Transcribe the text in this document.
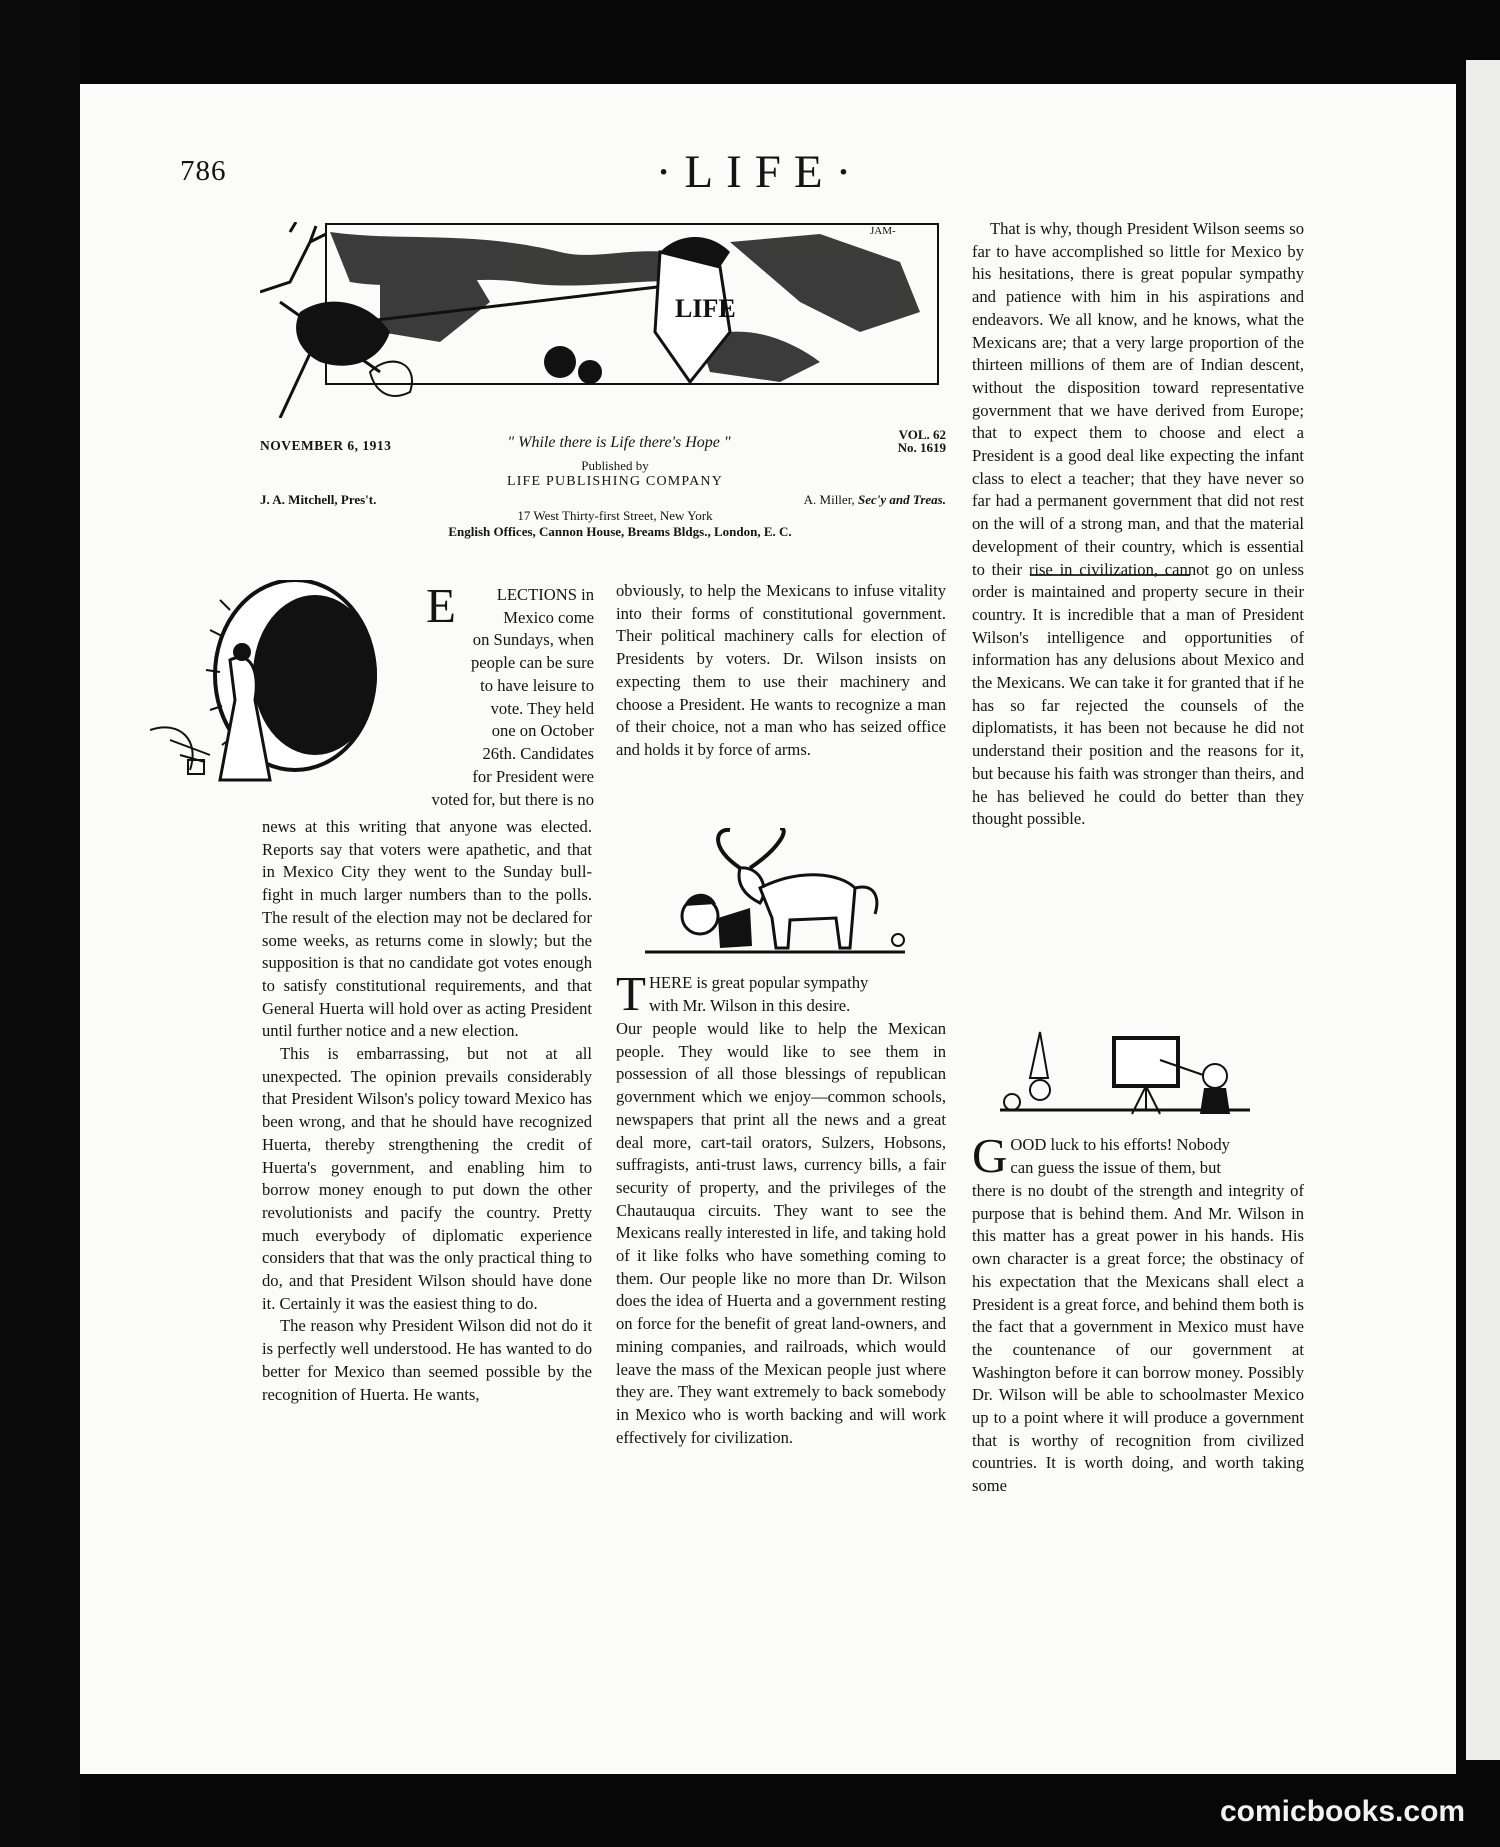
786	·LIFE·
LIFE
JAM-
NOVEMBER 6, 1913	" While there is Life there's Hope "	VOL. 62
No. 1619
Published by
LIFE PUBLISHING COMPANY
J. A. Mitchell, Pres't.	A. Miller, Sec'y and Treas.
17 West Thirty-first Street, New York
English Offices, Cannon House, Breams Bldgs., London, E. C.
E	LECTIONS in
Mexico come
on Sundays, when
people can be sure
to have leisure to
vote. They held
one on October
26th. Candidates
for President were
voted for, but there is no

news at this writing that anyone was elected. Reports say that voters were apathetic, and that in Mexico City they went to the Sunday bull-fight in much larger numbers than to the polls. The result of the election may not be declared for some weeks, as returns come in slowly; but the supposition is that no candidate got votes enough to satisfy constitutional requirements, and that General Huerta will hold over as acting President until further notice and a new election.

This is embarrassing, but not at all unexpected. The opinion prevails considerably that President Wilson's policy toward Mexico has been wrong, and that he should have recognized Huerta, thereby strengthening the credit of Huerta's government, and enabling him to borrow money enough to put down the other revolutionists and pacify the country. Pretty much everybody of diplomatic experience considers that that was the only practical thing to do, and that President Wilson should have done it. Certainly it was the easiest thing to do.

The reason why President Wilson did not do it is perfectly well understood. He has wanted to do better for Mexico than seemed possible by the recognition of Huerta. He wants,

obviously, to help the Mexicans to infuse vitality into their forms of constitutional government. Their political machinery calls for election of Presidents by voters. Dr. Wilson insists on expecting them to use their machinery and choose a President. He wants to recognize a man of their choice, not a man who has seized office and holds it by force of arms.

T HERE is great popular sympathy
with Mr. Wilson in this desire.

Our people would like to help the Mexican people. They would like to see them in possession of all those blessings of republican government which we enjoy—common schools, newspapers that print all the news and a great deal more, cart-tail orators, Sulzers, Hobsons, suffragists, anti-trust laws, currency bills, a fair security of property, and the privileges of the Chautauqua circuits. They want to see the Mexicans really interested in life, and taking hold of it like folks who have something coming to them. Our people like no more than Dr. Wilson does the idea of Huerta and a government resting on force for the benefit of great land-owners, and mining companies, and railroads, which would leave the mass of the Mexican people just where they are. They want extremely to back somebody in Mexico who is worth backing and will work effectively for civilization.

That is why, though President Wilson seems so far to have accomplished so little for Mexico by his hesitations, there is great popular sympathy and patience with him in his aspirations and endeavors. We all know, and he knows, what the Mexicans are; that a very large proportion of the thirteen millions of them are of Indian descent, without the disposition toward representative government that we have derived from Europe; that to expect them to choose and elect a President is a good deal like expecting the infant class to elect a teacher; that they have never so far had a permanent government that did not rest on the will of a strong man, and that the material development of their country, which is essential to their rise in civilization, cannot go on unless order is maintained and property secure in their country. It is incredible that a man of President Wilson's intelligence and opportunities of information has any delusions about Mexico and the Mexicans. We can take it for granted that if he has so far rejected the counsels of the diplomatists, it has been not because he did not understand their position and the reasons for it, but because his faith was stronger than theirs, and he has believed he could do better than they thought possible.

G OOD luck to his efforts! Nobody
can guess the issue of them, but

there is no doubt of the strength and integrity of purpose that is behind them. And Mr. Wilson in this matter has a great power in his hands. His own character is a great force; the obstinacy of his expectation that the Mexicans shall elect a President is a great force, and behind them both is the fact that a government in Mexico must have the countenance of our government at Washington before it can borrow money. Possibly Dr. Wilson will be able to schoolmaster Mexico up to a point where it will produce a government that is worthy of recognition from civilized countries. It is worth doing, and worth taking some

comicbooks.com
